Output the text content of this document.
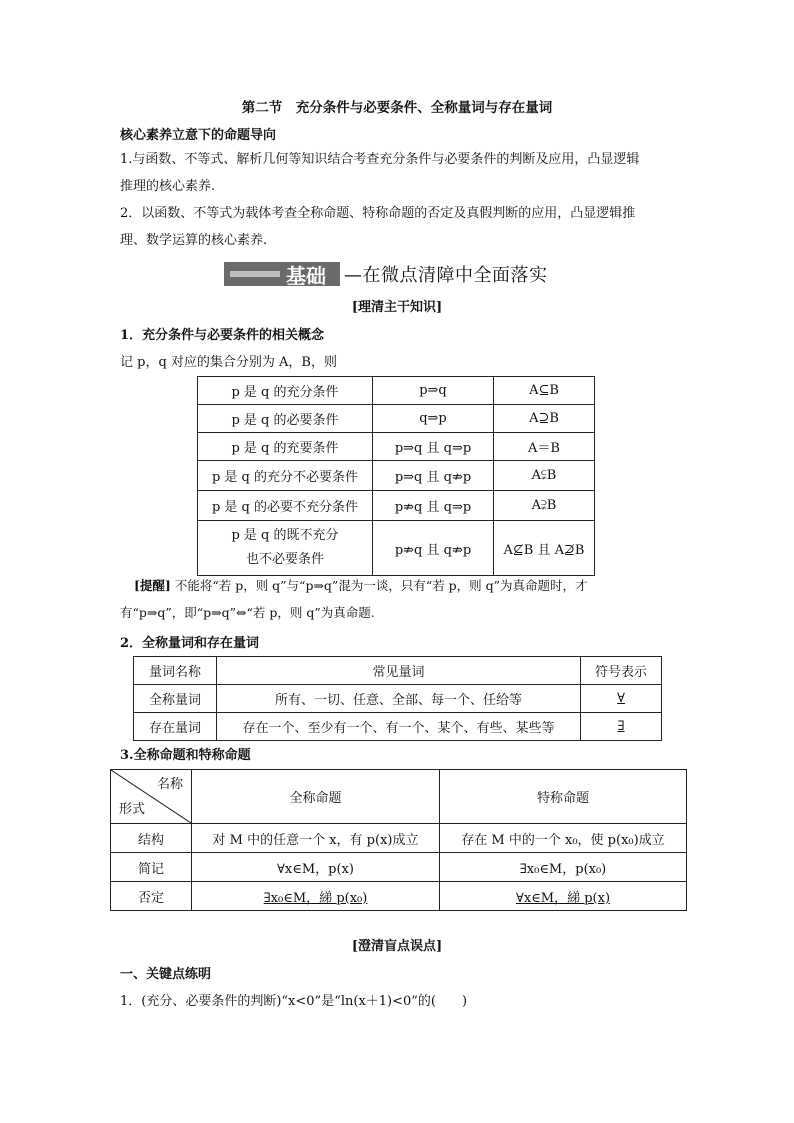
第二节　充分条件与必要条件、全称量词与存在量词
核心素养立意下的命题导向
1.与函数、不等式、解析几何等知识结合考查充分条件与必要条件的判断及应用，凸显逻辑
推理的核心素养.
2．以函数、不等式为载体考查全称命题、特称命题的否定及真假判断的应用，凸显逻辑推
理、数学运算的核心素养.
基础 —在微点清障中全面落实
[理清主干知识]
1．充分条件与必要条件的相关概念
记 p，q 对应的集合分别为 A，B，则
p 是 q 的充分条件	p⇒q	A⊆B
p 是 q 的必要条件	q⇒p	A⊇B
p 是 q 的充要条件	p⇒q 且 q⇒p	A＝B
p 是 q 的充分不必要条件	p⇒q 且 q⇏p	A⫋B
p 是 q 的必要不充分条件	p⇏q 且 q⇒p	A⫌B

p 是 q 的既不充分
也不必要条件	p⇏q 且 q⇏p	A⊈B 且 A⊉B
[提醒] 不能将“若 p，则 q”与“p⇒q”混为一谈，只有“若 p，则 q”为真命题时，才
有“p⇒q”，即“p⇒q”⇔“若 p，则 q”为真命题.
2．全称量词和存在量词
量词名称	常见量词	符号表示
全称量词	所有、一切、任意、全部、每一个、任给等	∀
存在量词	存在一个、至少有一个、有一个、某个、有些、某些等	∃
3.全称命题和特称命题
名称
形式	全称命题	特称命题
结构	对 M 中的任意一个 x，有 p(x)成立	存在 M 中的一个 x₀，使 p(x₀)成立
简记	∀x∈M，p(x)	∃x₀∈M，p(x₀)
否定	∃x₀∈M，綈 p(x₀)	∀x∈M，綈 p(x)
[澄清盲点误点]
一、关键点练明
1．(充分、必要条件的判断)“x<0”是“ln(x＋1)<0”的(　　)
